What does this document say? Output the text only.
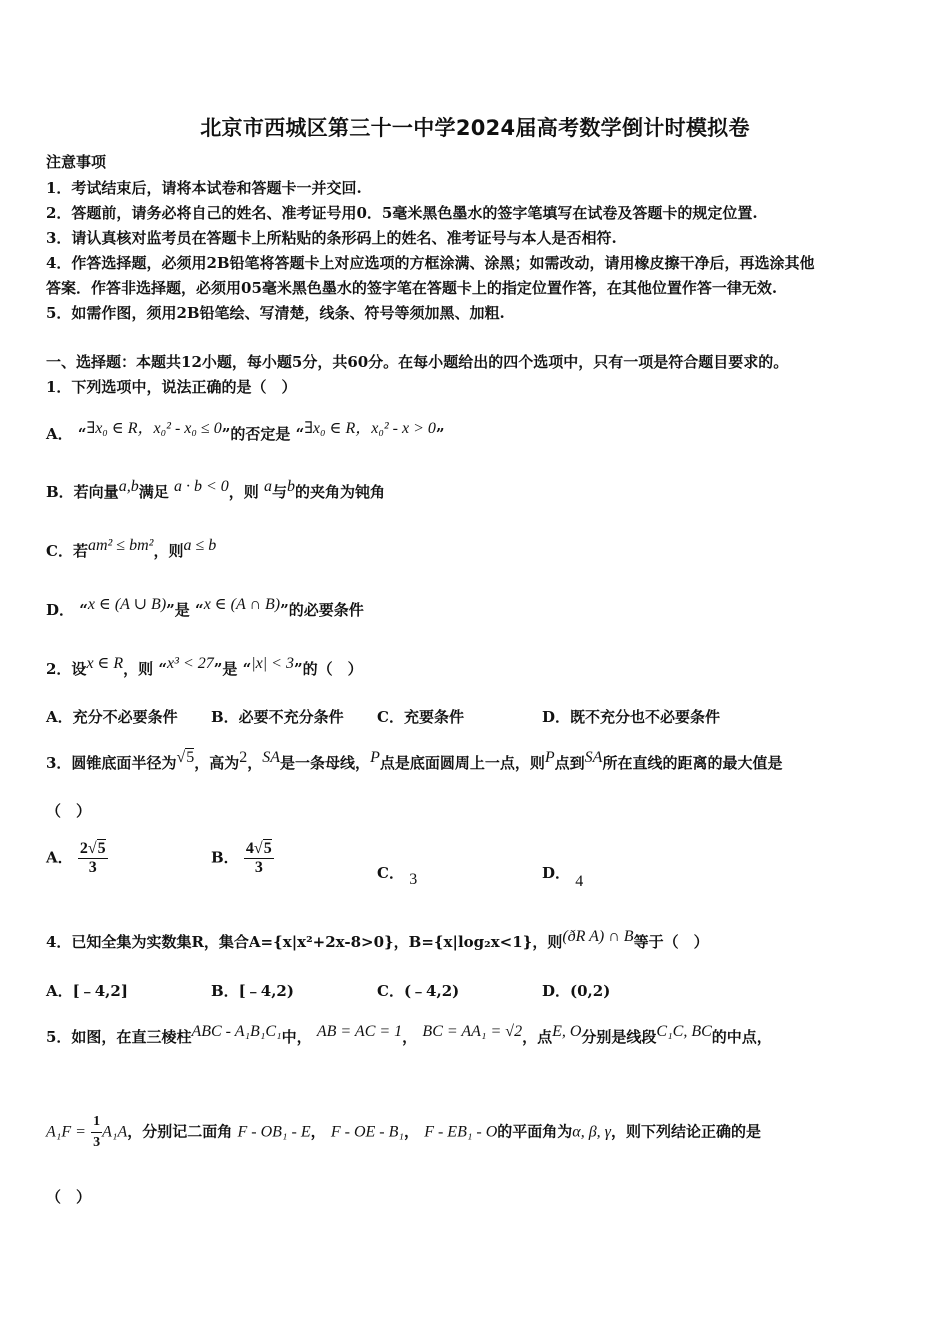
北京市西城区第三十一中学2024届高考数学倒计时模拟卷
注意事项
1．考试结束后，请将本试卷和答题卡一并交回.
2．答题前，请务必将自己的姓名、准考证号用0．5毫米黑色墨水的签字笔填写在试卷及答题卡的规定位置.
3．请认真核对监考员在答题卡上所粘贴的条形码上的姓名、准考证号与本人是否相符.
4．作答选择题，必须用2B铅笔将答题卡上对应选项的方框涂满、涂黑；如需改动，请用橡皮擦干净后，再选涂其他
答案．作答非选择题，必须用05毫米黑色墨水的签字笔在答题卡上的指定位置作答，在其他位置作答一律无效.
5．如需作图，须用2B铅笔绘、写清楚，线条、符号等须加黑、加粗.
一、选择题：本题共12小题，每小题5分，共60分。在每小题给出的四个选项中，只有一项是符合题目要求的。
1．下列选项中，说法正确的是（　）
A． “∃x₀ ∈ R，x₀² - x₀ ≤ 0”的否定是 “∃x₀ ∈ R，x₀² - x > 0”
B．若向量a,b满足 a · b < 0，则 a与b的夹角为钝角
C．若am² ≤ bm²，则a ≤ b
D． “x ∈ (A ∪ B)”是 “x ∈ (A ∩ B)”的必要条件
2．设x ∈ R，则 “x³ < 27”是 “|x| < 3”的（　）
A．充分不必要条件 B．必要不充分条件 C．充要条件	D．既不充分也不必要条件
3．圆锥底面半径为√5，高为2，SA是一条母线，P点是底面圆周上一点，则P点到SA所在直线的距离的最大值是
（　）
A． $\frac{2√5}{3}$	B． $\frac{4√5}{3}$	C． 3	D． 4
4．已知全集为实数集R，集合A={x|x²+2x-8>0}，B={x|log₂x<1}，则(ðR A) ∩ B等于（　）
A．[﹣4,2]	B．[﹣4,2)	C．(﹣4,2)	D．(0,2)
5．如图，在直三棱柱ABC - A₁B₁C₁中， AB = AC = 1， BC = AA₁ = √2，点E, O分别是线段C₁C, BC的中点，
$A_1F = \frac{1}{3} A_1A$，分别记二面角 F - OB₁ - E， F - OE - B₁， F - EB₁ - O的平面角为α, β, γ，则下列结论正确的是
（　）
